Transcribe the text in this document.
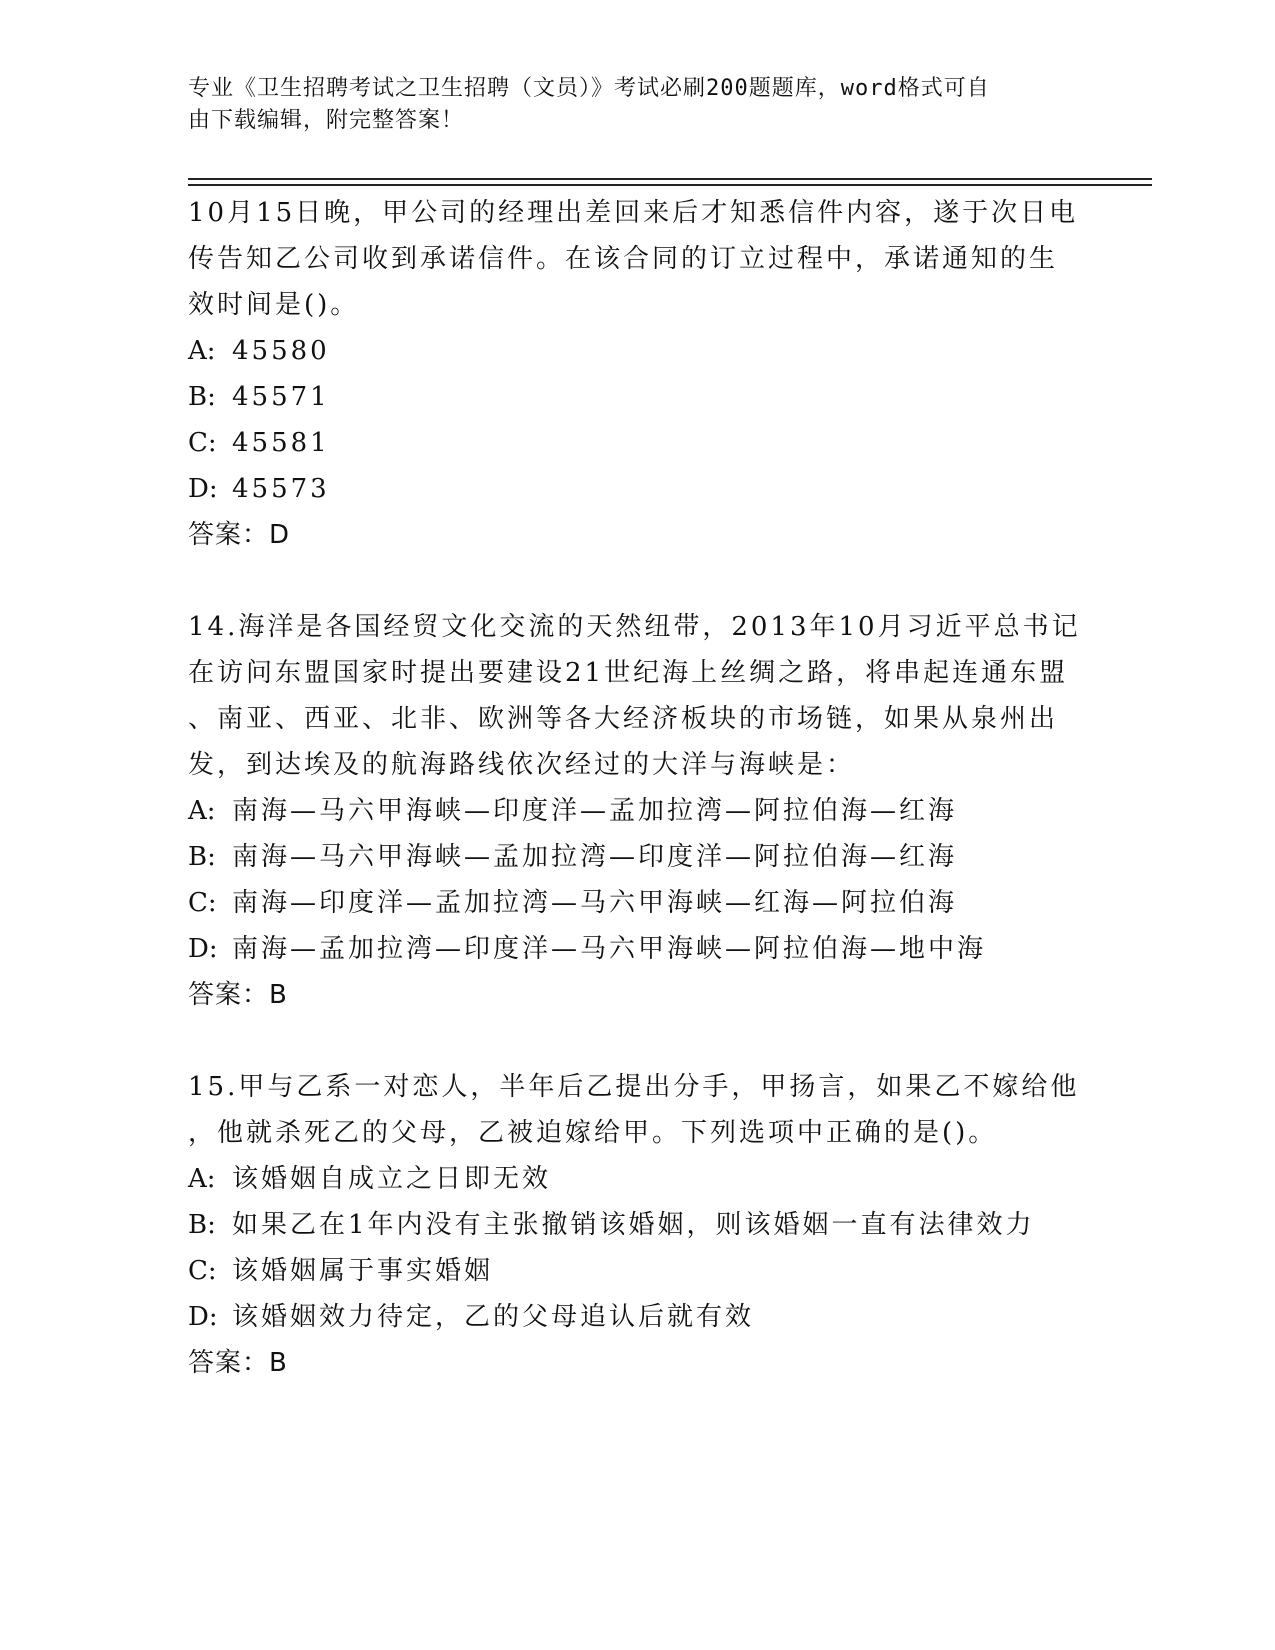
专业《卫生招聘考试之卫生招聘（文员）》考试必刷200题题库，word格式可自
由下载编辑，附完整答案！

10月15日晚，甲公司的经理出差回来后才知悉信件内容，遂于次日电

传告知乙公司收到承诺信件。在该合同的订立过程中，承诺通知的生

效时间是()。

A: 45580

B: 45571

C: 45581

D: 45573

答案：D

14.海洋是各国经贸文化交流的天然纽带，2013年10月习近平总书记

在访问东盟国家时提出要建设21世纪海上丝绸之路，将串起连通东盟

、南亚、西亚、北非、欧洲等各大经济板块的市场链，如果从泉州出

发，到达埃及的航海路线依次经过的大洋与海峡是：

A: 南海—马六甲海峡—印度洋—孟加拉湾—阿拉伯海—红海

B: 南海—马六甲海峡—孟加拉湾—印度洋—阿拉伯海—红海

C: 南海—印度洋—孟加拉湾—马六甲海峡—红海—阿拉伯海

D: 南海—孟加拉湾—印度洋—马六甲海峡—阿拉伯海—地中海

答案：B

15.甲与乙系一对恋人，半年后乙提出分手，甲扬言，如果乙不嫁给他

，他就杀死乙的父母，乙被迫嫁给甲。下列选项中正确的是()。

A: 该婚姻自成立之日即无效

B: 如果乙在1年内没有主张撤销该婚姻，则该婚姻一直有法律效力

C: 该婚姻属于事实婚姻

D: 该婚姻效力待定，乙的父母追认后就有效

答案：B
